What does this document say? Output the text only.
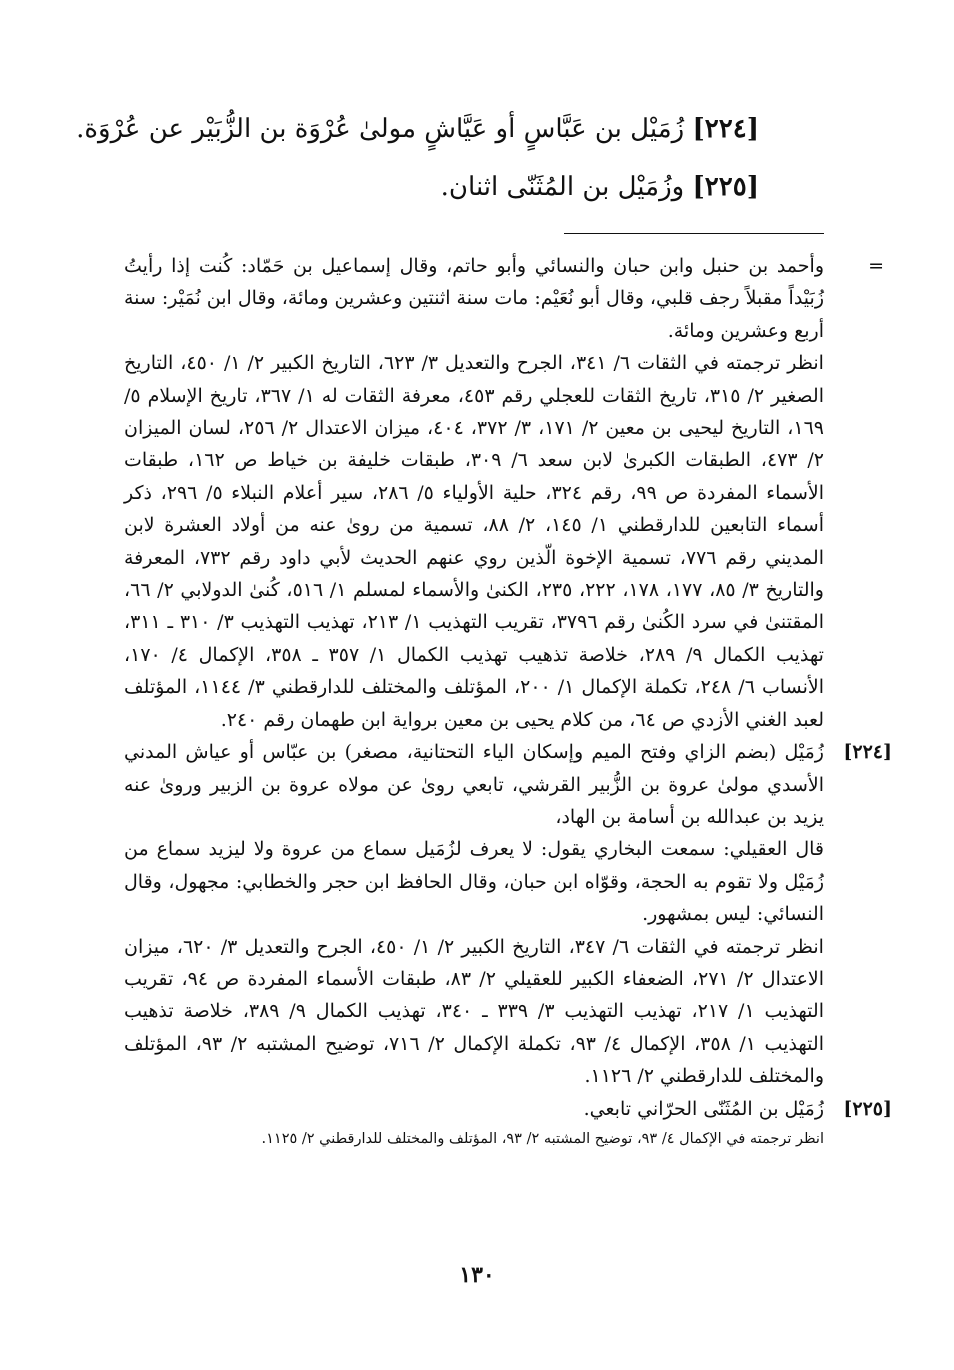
[٢٢٤] زُمَيْل بن عَبَّاسٍ أو عَيَّاشٍ مولىٰ عُرْوَة بن الزُّبَيْر عن عُرْوَة.
[٢٢٥] وزُمَيْل بن المُثَنّى اثنان.
=

وأحمد بن حنبل وابن حبان والنسائي وأبو حاتم، وقال إسماعيل بن حَمّاد: كُنت إذا رأيتُ زُبَيْداً مقبلاً رجف قلبي، وقال أبو نُعَيْم: مات سنة اثنتين وعشرين ومائة، وقال ابن نُمَيْر: سنة أربع وعشرين ومائة.

انظر ترجمته في الثقات ٦/ ٣٤١، الجرح والتعديل ٣/ ٦٢٣، التاريخ الكبير ٢/ ١/ ٤٥٠، التاريخ الصغير ٢/ ٣١٥، تاريخ الثقات للعجلي رقم ٤٥٣، معرفة الثقات له ١/ ٣٦٧، تاريخ الإسلام ٥/ ١٦٩، التاريخ ليحيى بن معين ٢/ ١٧١، ٣/ ٣٧٢، ٤٠٤، ميزان الاعتدال ٢/ ٢٥٦، لسان الميزان ٢/ ٤٧٣، الطبقات الكبرىٰ لابن سعد ٦/ ٣٠٩، طبقات خليفة بن خياط ص ١٦٢، طبقات الأسماء المفردة ص ٩٩، رقم ٣٢٤، حلية الأولياء ٥/ ٢٨٦، سير أعلام النبلاء ٥/ ٢٩٦، ذكر أسماء التابعين للدارقطني ١/ ١٤٥، ٢/ ٨٨، تسمية من روىٰ عنه من أولاد العشرة لابن المديني رقم ٧٧٦، تسمية الإخوة الّذين روي عنهم الحديث لأبي داود رقم ٧٣٢، المعرفة والتاريخ ٣/ ٨٥، ١٧٧، ١٧٨، ٢٢٢، ٢٣٥، الكنىٰ والأسماء لمسلم ١/ ٥١٦، كُنىٰ الدولابي ٢/ ٦٦، المقتنىٰ في سرد الكُنىٰ رقم ٣٧٩٦، تقريب التهذيب ١/ ٢١٣، تهذيب التهذيب ٣/ ٣١٠ ـ ٣١١، تهذيب الكمال ٩/ ٢٨٩، خلاصة تذهيب تهذيب الكمال ١/ ٣٥٧ ـ ٣٥٨، الإكمال ٤/ ١٧٠، الأنساب ٦/ ٢٤٨، تكملة الإكمال ١/ ٢٠٠، المؤتلف والمختلف للدارقطني ٣/ ١١٤٤، المؤتلف لعبد الغني الأزدي ص ٦٤، من كلام يحيى بن معين برواية ابن طهمان رقم ٢٤٠.

[٢٢٤]

زُمَيْل (بضم الزاي وفتح الميم وإسكان الياء التحتانية، مصغر) بن عبّاس أو عياش المدني الأسدي مولىٰ عروة بن الزُّبير القرشي، تابعي روىٰ عن مولاه عروة بن الزبير وروىٰ عنه يزيد بن عبدالله بن أسامة بن الهاد،

قال العقيلي: سمعت البخاري يقول: لا يعرف لزُمَيل سماع من عروة ولا ليزيد سماع من زُمَيْل ولا تقوم به الحجة، وقوّاه ابن حبان، وقال الحافظ ابن حجر والخطابي: مجهول، وقال النسائي: ليس بمشهور.

انظر ترجمته في الثقات ٦/ ٣٤٧، التاريخ الكبير ٢/ ١/ ٤٥٠، الجرح والتعديل ٣/ ٦٢٠، ميزان الاعتدال ٢/ ٢٧١، الضعفاء الكبير للعقيلي ٢/ ٨٣، طبقات الأسماء المفردة ص ٩٤، تقريب التهذيب ١/ ٢١٧، تهذيب التهذيب ٣/ ٣٣٩ ـ ٣٤٠، تهذيب الكمال ٩/ ٣٨٩، خلاصة تذهيب التهذيب ١/ ٣٥٨، الإكمال ٤/ ٩٣، تكملة الإكمال ٢/ ٧١٦، توضيح المشتبه ٢/ ٩٣، المؤتلف والمختلف للدارقطني ٢/ ١١٢٦.

[٢٢٥]

زُمَيْل بن المُثَنّى الحرّاني تابعي.

انظر ترجمته في الإكمال ٤/ ٩٣، توضيح المشتبه ٢/ ٩٣، المؤتلف والمختلف للدارقطني ٢/ ١١٢٥.

١٣٠
